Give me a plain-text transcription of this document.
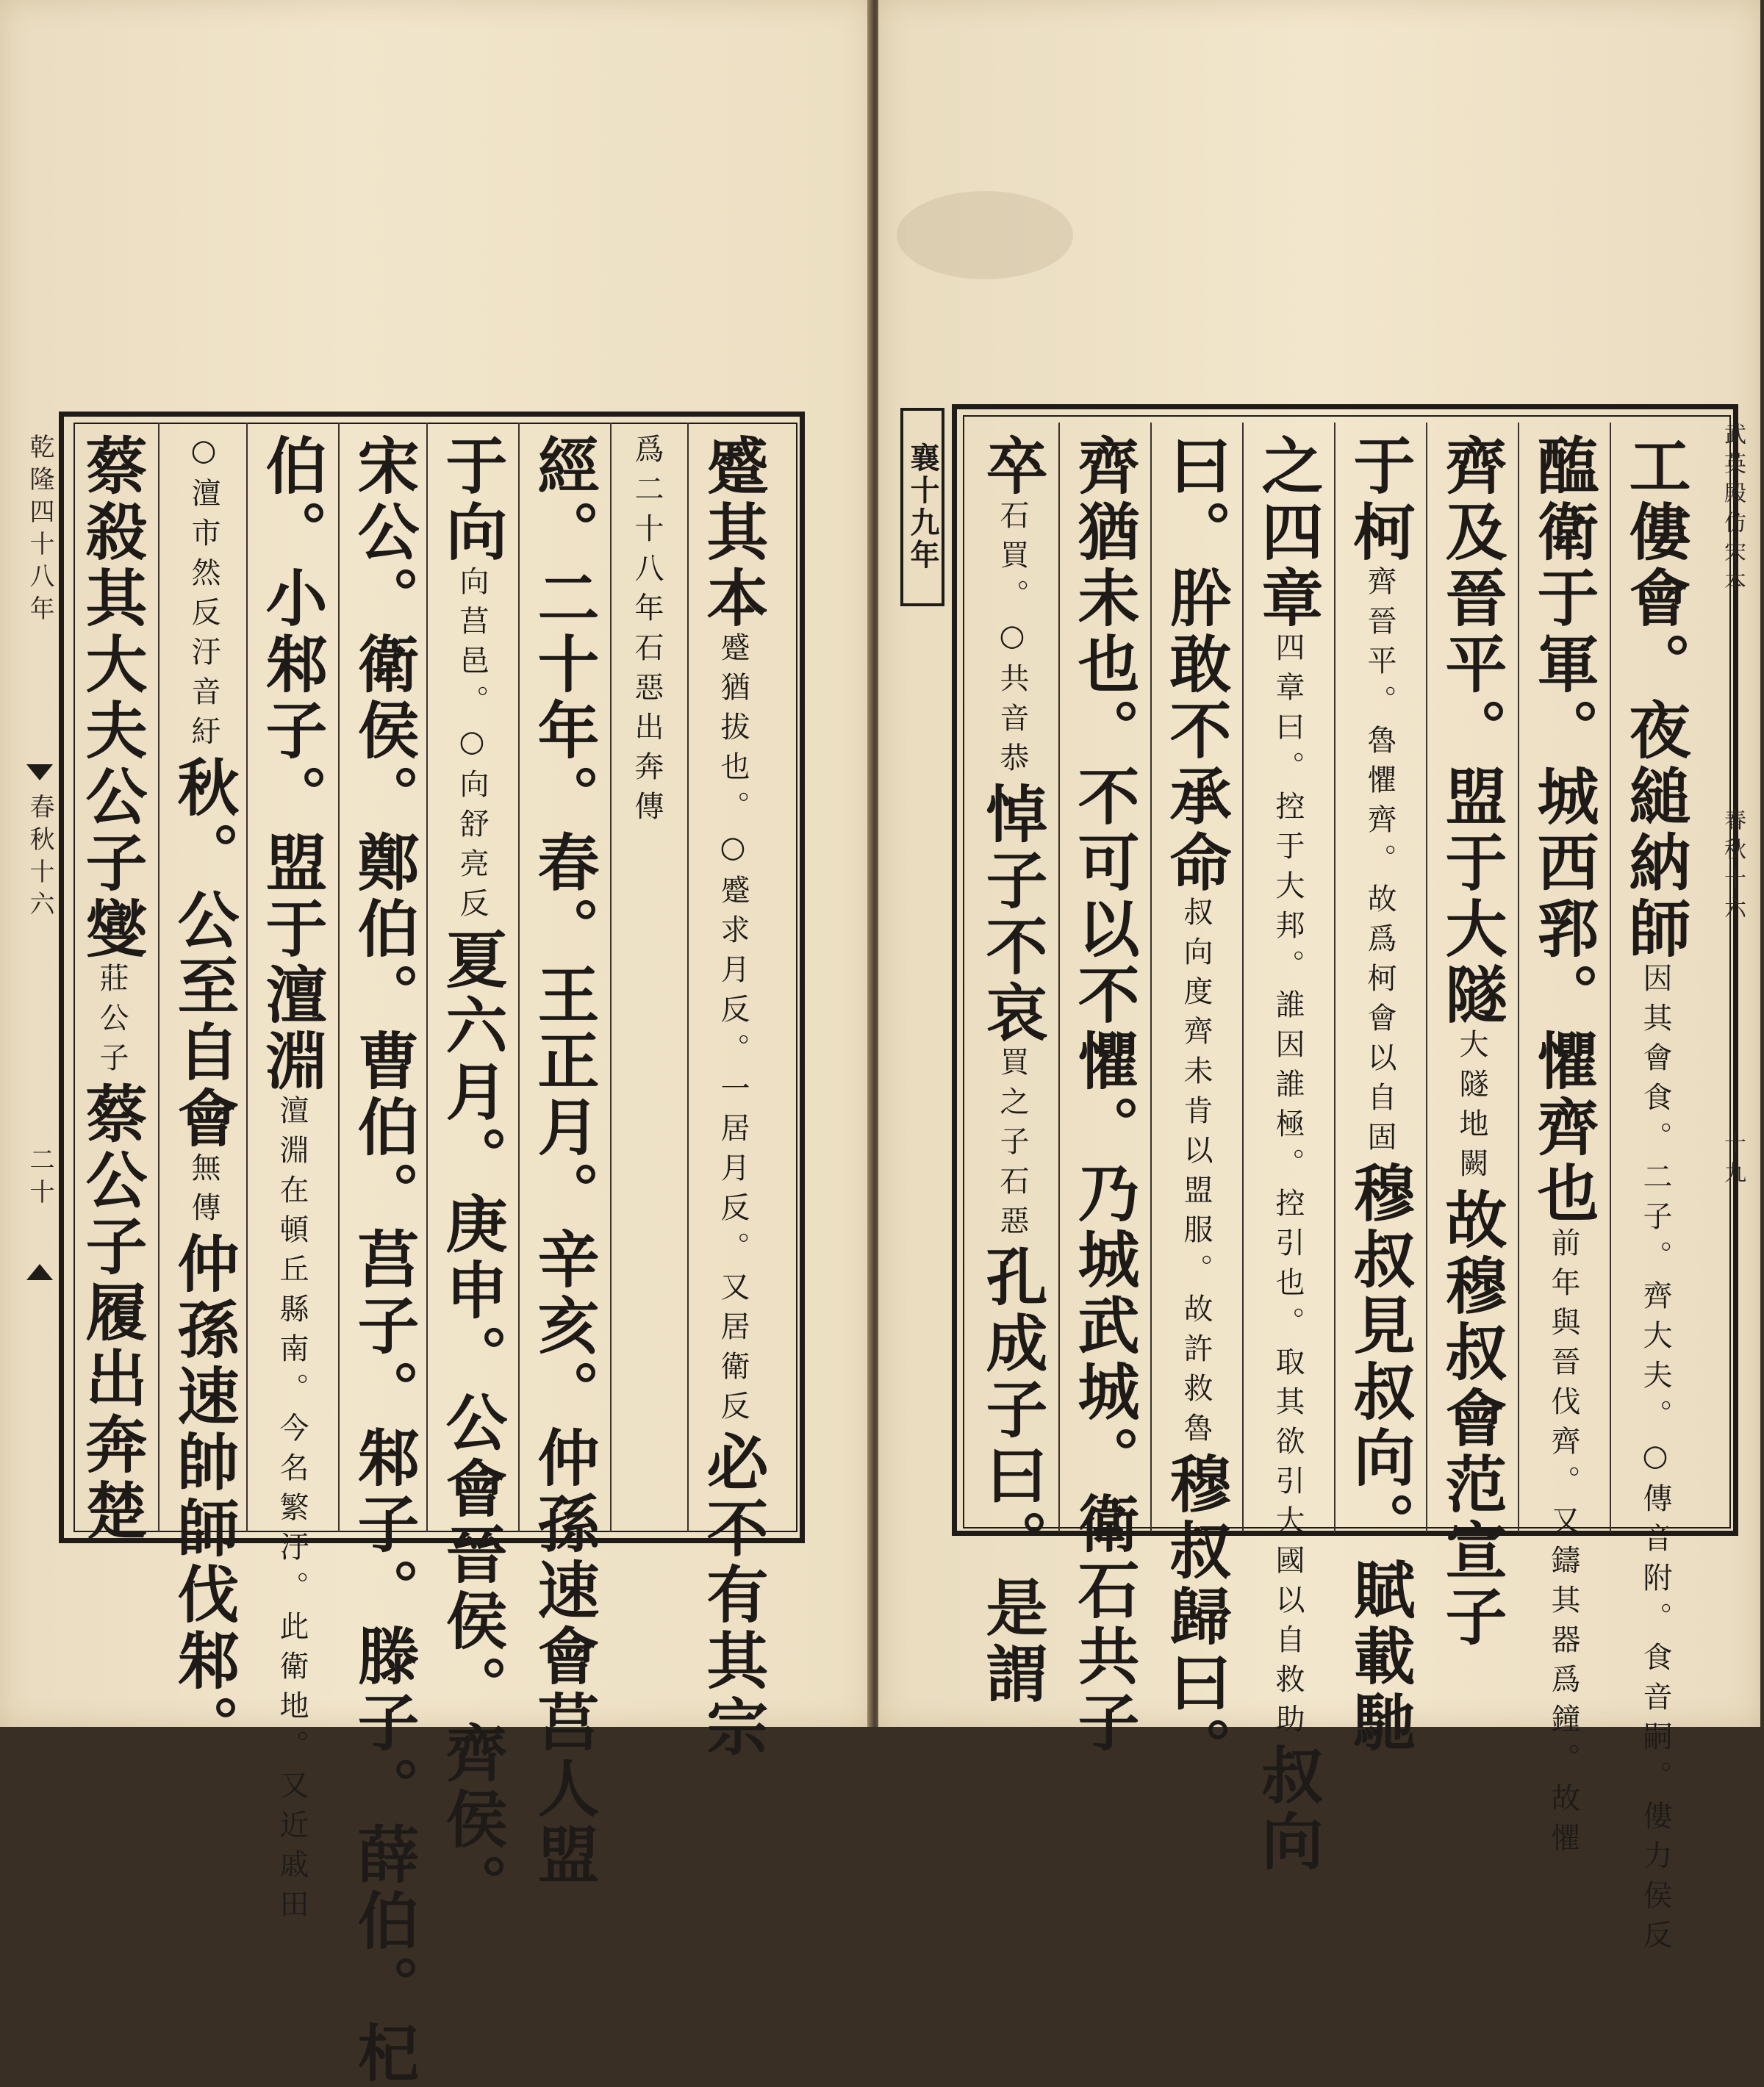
乾隆四十八年
春秋十六
二十
蹙其本蹙猶拔也。○蹙求月反。一居月反。又居衛反必不有其宗
爲二十八年石惡出奔傳
經。二十年。春。王正月。辛亥。仲孫速會莒人盟
于向向莒邑。○向舒亮反夏六月。庚申。公會晉侯。齊侯。
宋公。衛侯。鄭伯。曹伯。莒子。邾子。滕子。薛伯。杞
伯。小邾子。盟于澶淵澶淵在頓丘縣南。今名繁汙。此衛地。又近戚田
○澶市然反汙音紆秋。公至自會無傳仲孫速帥師伐邾。
蔡殺其大夫公子燮莊公子蔡公子履出奔楚
襄十九年	武英殿仿宋本
春秋十六
十九
工僂會。夜縋納師因其會食。二子。齊大夫。○傳音附。食音嗣。僂力侯反
醢衛于軍。城西郛。懼齊也前年與晉伐齊。又鑄其器爲鐘。故懼
齊及晉平。盟于大隧大隧地闕故穆叔會范宣子
于柯齊晉平。魯懼齊。故爲柯會以自固穆叔見叔向。賦載馳
之四章四章曰。控于大邦。誰因誰極。控引也。取其欲引大國以自救助叔向
曰。肸敢不承命叔向度齊未肯以盟服。故許救魯穆叔歸曰。
齊猶未也。不可以不懼。乃城武城。衛石共子
卒石買。○共音恭悼子不哀買之子石惡孔成子曰。是謂
